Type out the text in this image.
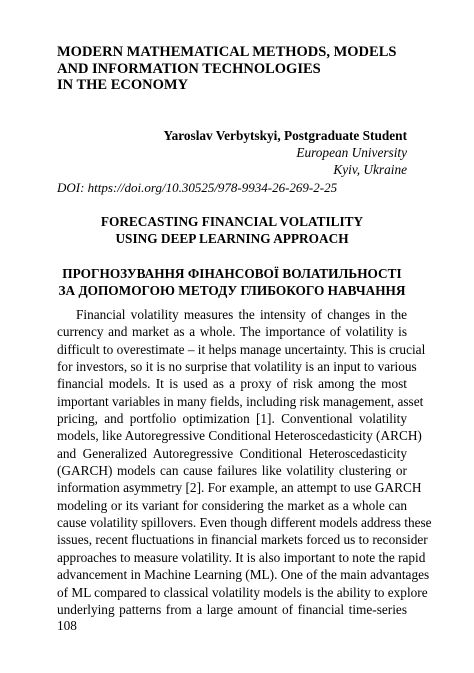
MODERN MATHEMATICAL METHODS, MODELS
AND INFORMATION TECHNOLOGIES
IN THE ECONOMY
Yaroslav Verbytskyi, Postgraduate Student
European University
Kyiv, Ukraine
DOI: https://doi.org/10.30525/978-9934-26-269-2-25
FORECASTING FINANCIAL VOLATILITY
USING DEEP LEARNING APPROACH
ПРОГНОЗУВАННЯ ФІНАНСОВОЇ ВОЛАТИЛЬНОСТІ
ЗА ДОПОМОГОЮ МЕТОДУ ГЛИБОКОГО НАВЧАННЯ
Financial volatility measures the intensity of changes in the
currency and market as a whole. The importance of volatility is
difficult to overestimate – it helps manage uncertainty. This is crucial
for investors, so it is no surprise that volatility is an input to various
financial models. It is used as a proxy of risk among the most
important variables in many fields, including risk management, asset
pricing, and portfolio optimization [1]. Conventional volatility
models, like Autoregressive Conditional Heteroscedasticity (ARCH)
and Generalized Autoregressive Conditional Heteroscedasticity
(GARCH) models can cause failures like volatility clustering or
information asymmetry [2]. For example, an attempt to use GARCH
modeling or its variant for considering the market as a whole can
cause volatility spillovers. Even though different models address these
issues, recent fluctuations in financial markets forced us to reconsider
approaches to measure volatility. It is also important to note the rapid
advancement in Machine Learning (ML). One of the main advantages
of ML compared to classical volatility models is the ability to explore
underlying patterns from a large amount of financial time-series
108
